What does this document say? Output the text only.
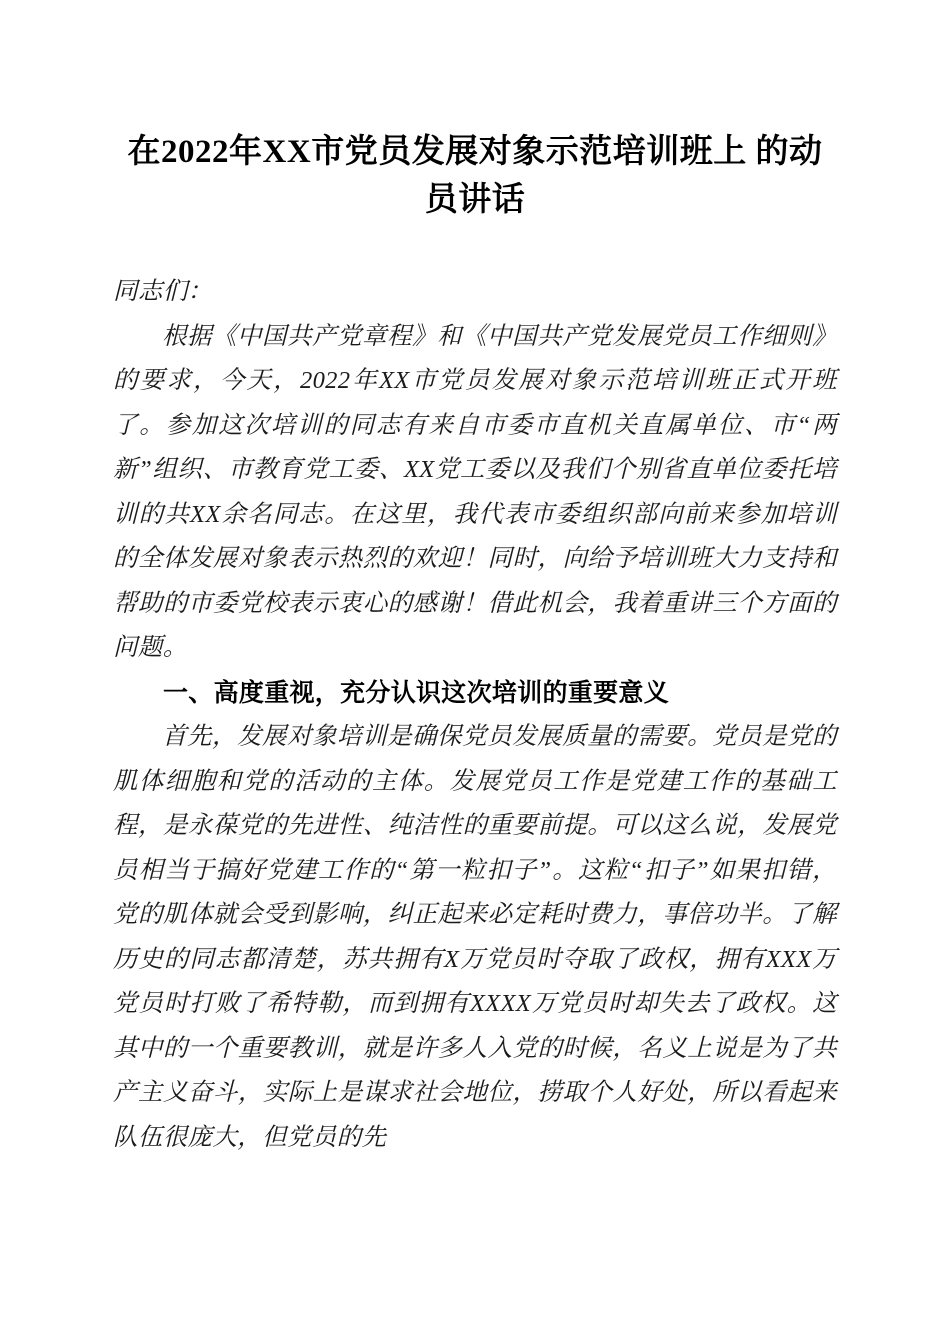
在2022年XX市党员发展对象示范培训班上 的动员讲话

同志们：

根据《中国共产党章程》和《中国共产党发展党员工作细则》的要求，今天，2022年XX市党员发展对象示范培训班正式开班了。参加这次培训的同志有来自市委市直机关直属单位、市“两新”组织、市教育党工委、XX党工委以及我们个别省直单位委托培训的共XX余名同志。在这里，我代表市委组织部向前来参加培训的全体发展对象表示热烈的欢迎！同时，向给予培训班大力支持和帮助的市委党校表示衷心的感谢！借此机会，我着重讲三个方面的问题。

一、高度重视，充分认识这次培训的重要意义

首先，发展对象培训是确保党员发展质量的需要。党员是党的肌体细胞和党的活动的主体。发展党员工作是党建工作的基础工程，是永葆党的先进性、纯洁性的重要前提。可以这么说，发展党员相当于搞好党建工作的“第一粒扣子”。这粒“扣子”如果扣错，党的肌体就会受到影响，纠正起来必定耗时费力，事倍功半。了解历史的同志都清楚，苏共拥有X万党员时夺取了政权，拥有XXX万党员时打败了希特勒，而到拥有XXXX万党员时却失去了政权。这其中的一个重要教训，就是许多人入党的时候，名义上说是为了共产主义奋斗，实际上是谋求社会地位，捞取个人好处，所以看起来队伍很庞大，但党员的先
